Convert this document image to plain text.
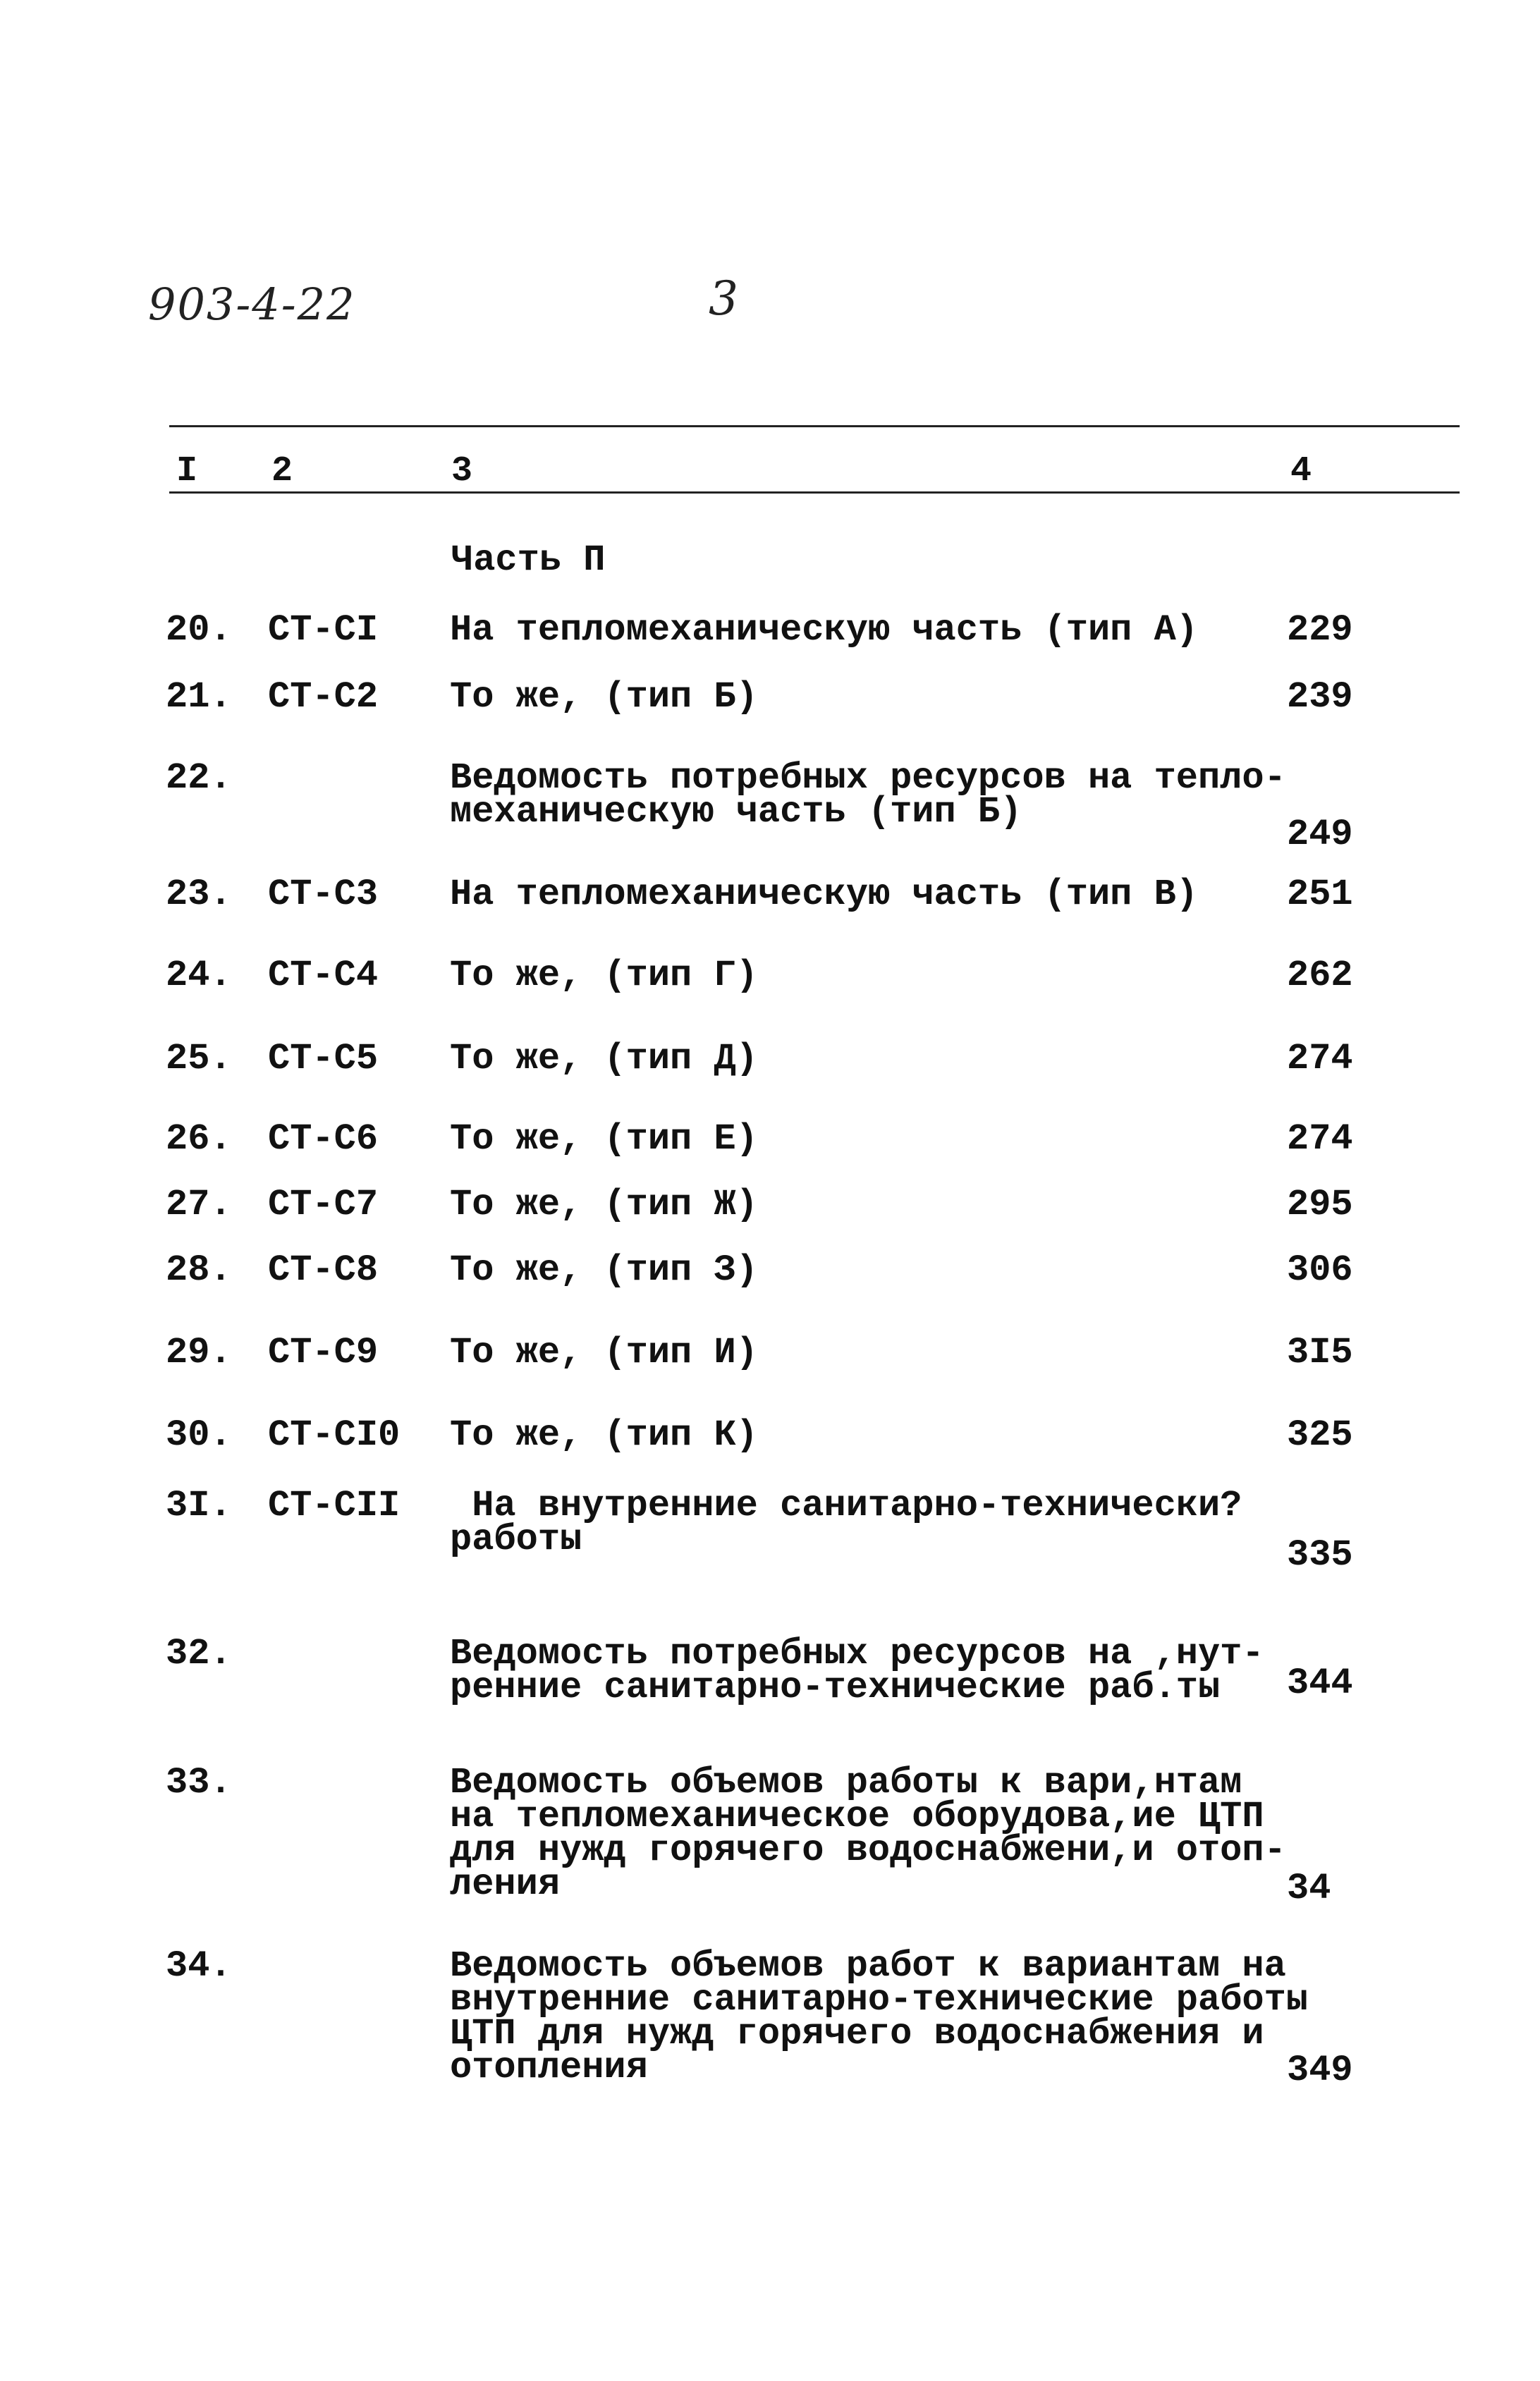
903-4-22	3
I 2	3	4
Часть П
20. СТ-СI На тепломеханическую часть (тип А) 229
21. СТ-С2 То же, (тип Б)	239
22.	Ведомость потребных ресурсов на тепло-
механическую часть (тип Б)
249
23. СТ-С3 На тепломеханическую часть (тип В) 251
24. СТ-С4 То же, (тип Г)	262
25. СТ-С5 То же, (тип Д)	274
26. СТ-С6 То же, (тип Е)	274
27. СТ-С7 То же, (тип Ж)	295
28. СТ-С8 То же, (тип З)	306
29. СТ-С9 То же, (тип И)	3I5
30. СТ-СI0 То же, (тип К)	325
3I. СТ-СII На внутренние санитарно-технически?
работы	335
32.	Ведомость потребных ресурсов на ,нут-
ренние санитарно-технические раб.ты 344
33.	Ведомость объемов работы к вари,нтам
на тепломеханическое оборудова,ие ЦТП
для нужд горячего водоснабжени,и отоп-
ления	34
34.	Ведомость объемов работ к вариантам на
внутренние санитарно-технические работы
ЦТП для нужд горячего водоснабжения и
отопления	349
